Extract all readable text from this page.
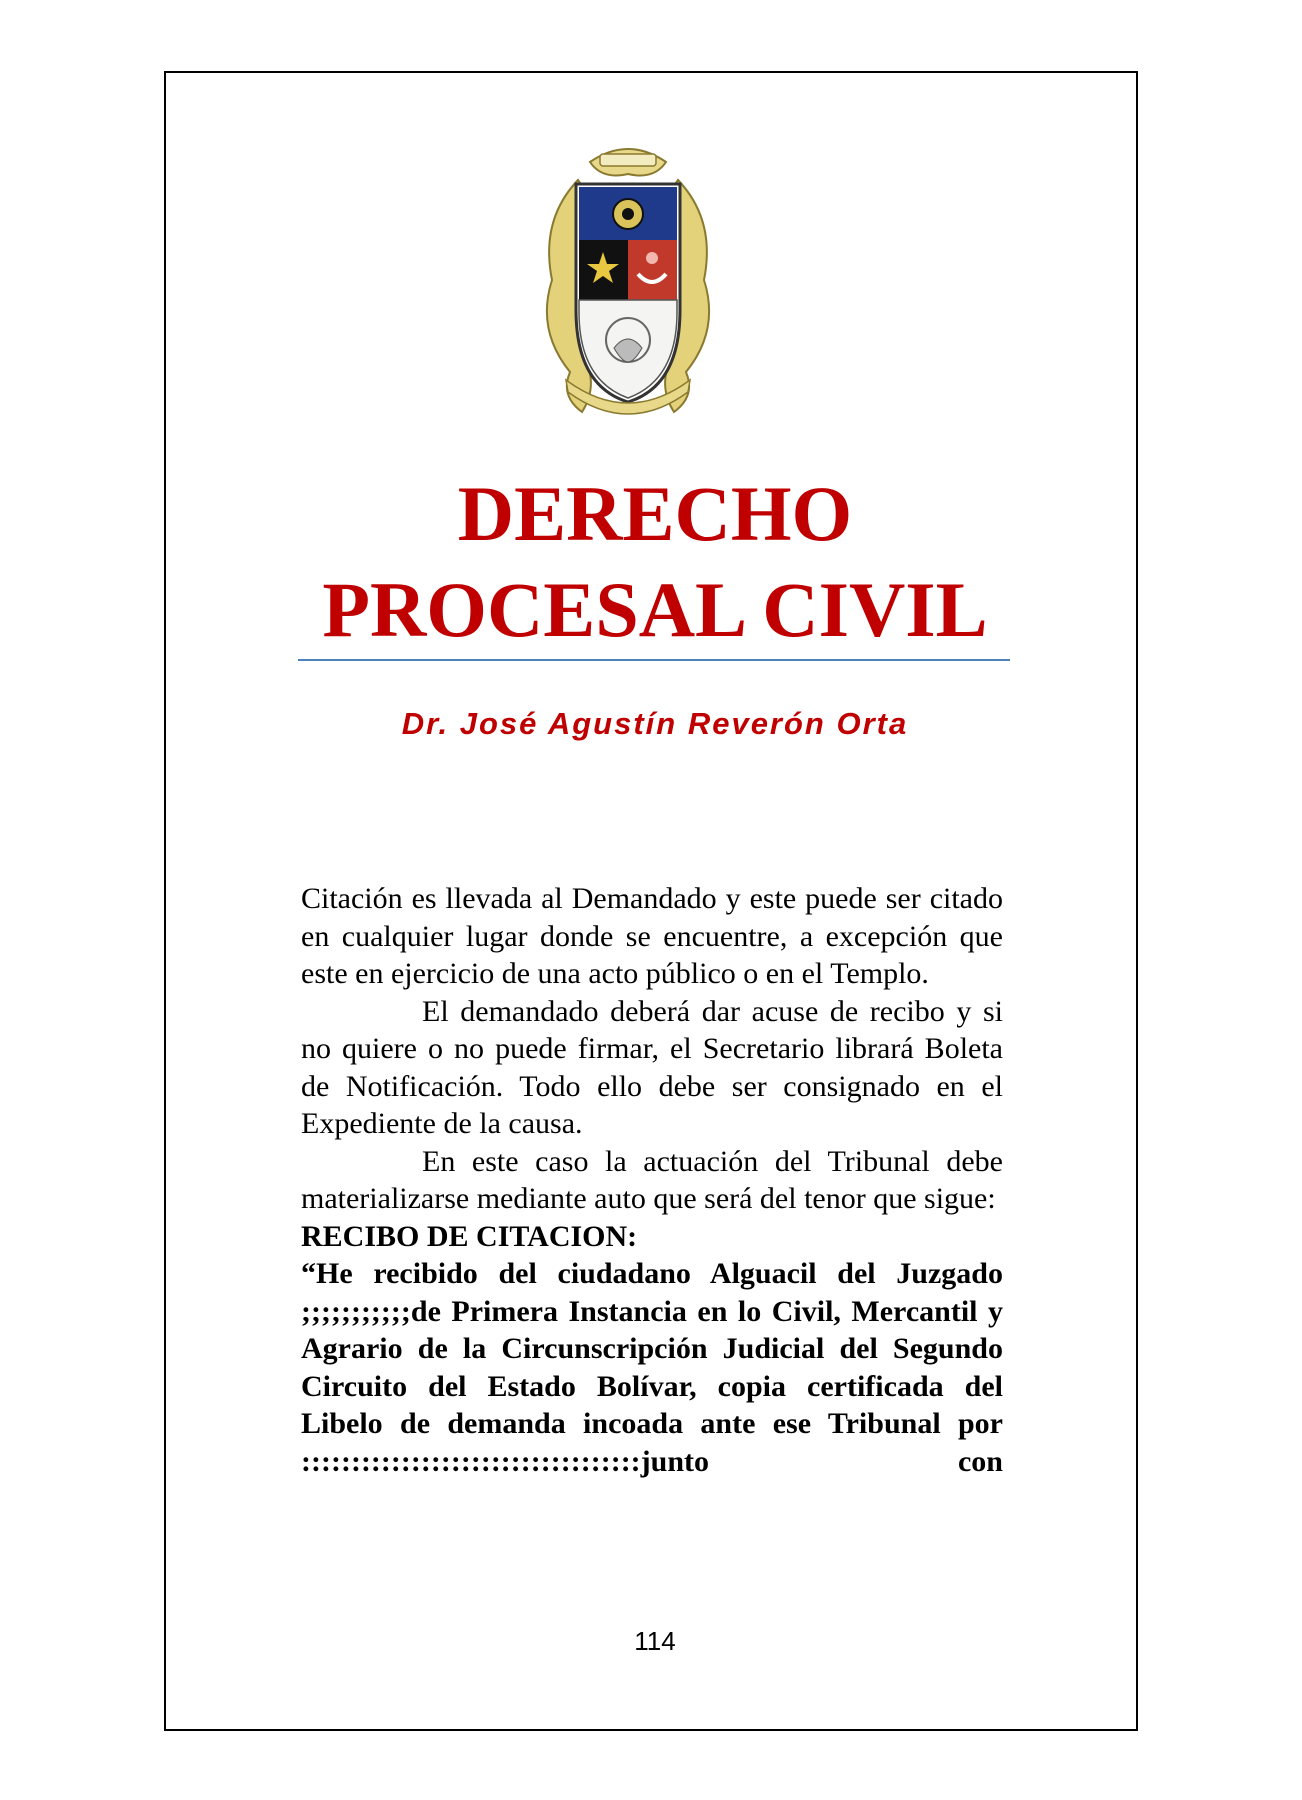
DERECHO
PROCESAL CIVIL
Dr. José Agustín Reverón Orta

Citación es llevada al Demandado y este puede ser citado en cualquier lugar donde se encuentre, a excepción que este en ejercicio de una acto público o en el Templo.

El demandado deberá dar acuse de recibo y si no quiere o no puede firmar, el Secretario librará Boleta de Notificación. Todo ello debe ser consignado en el Expediente de la causa.

En este caso la actuación del Tribunal debe materializarse mediante auto que será del tenor que sigue:

RECIBO DE CITACION:

“He recibido del ciudadano Alguacil del Juzgado ;;;;;;;;;;;de Primera Instancia en lo Civil, Mercantil y Agrario de la Circunscripción Judicial del Segundo Circuito del Estado Bolívar, copia certificada del Libelo de demanda incoada ante ese Tribunal por ::::::::::::::::::::::::::::::::::junto con

114
